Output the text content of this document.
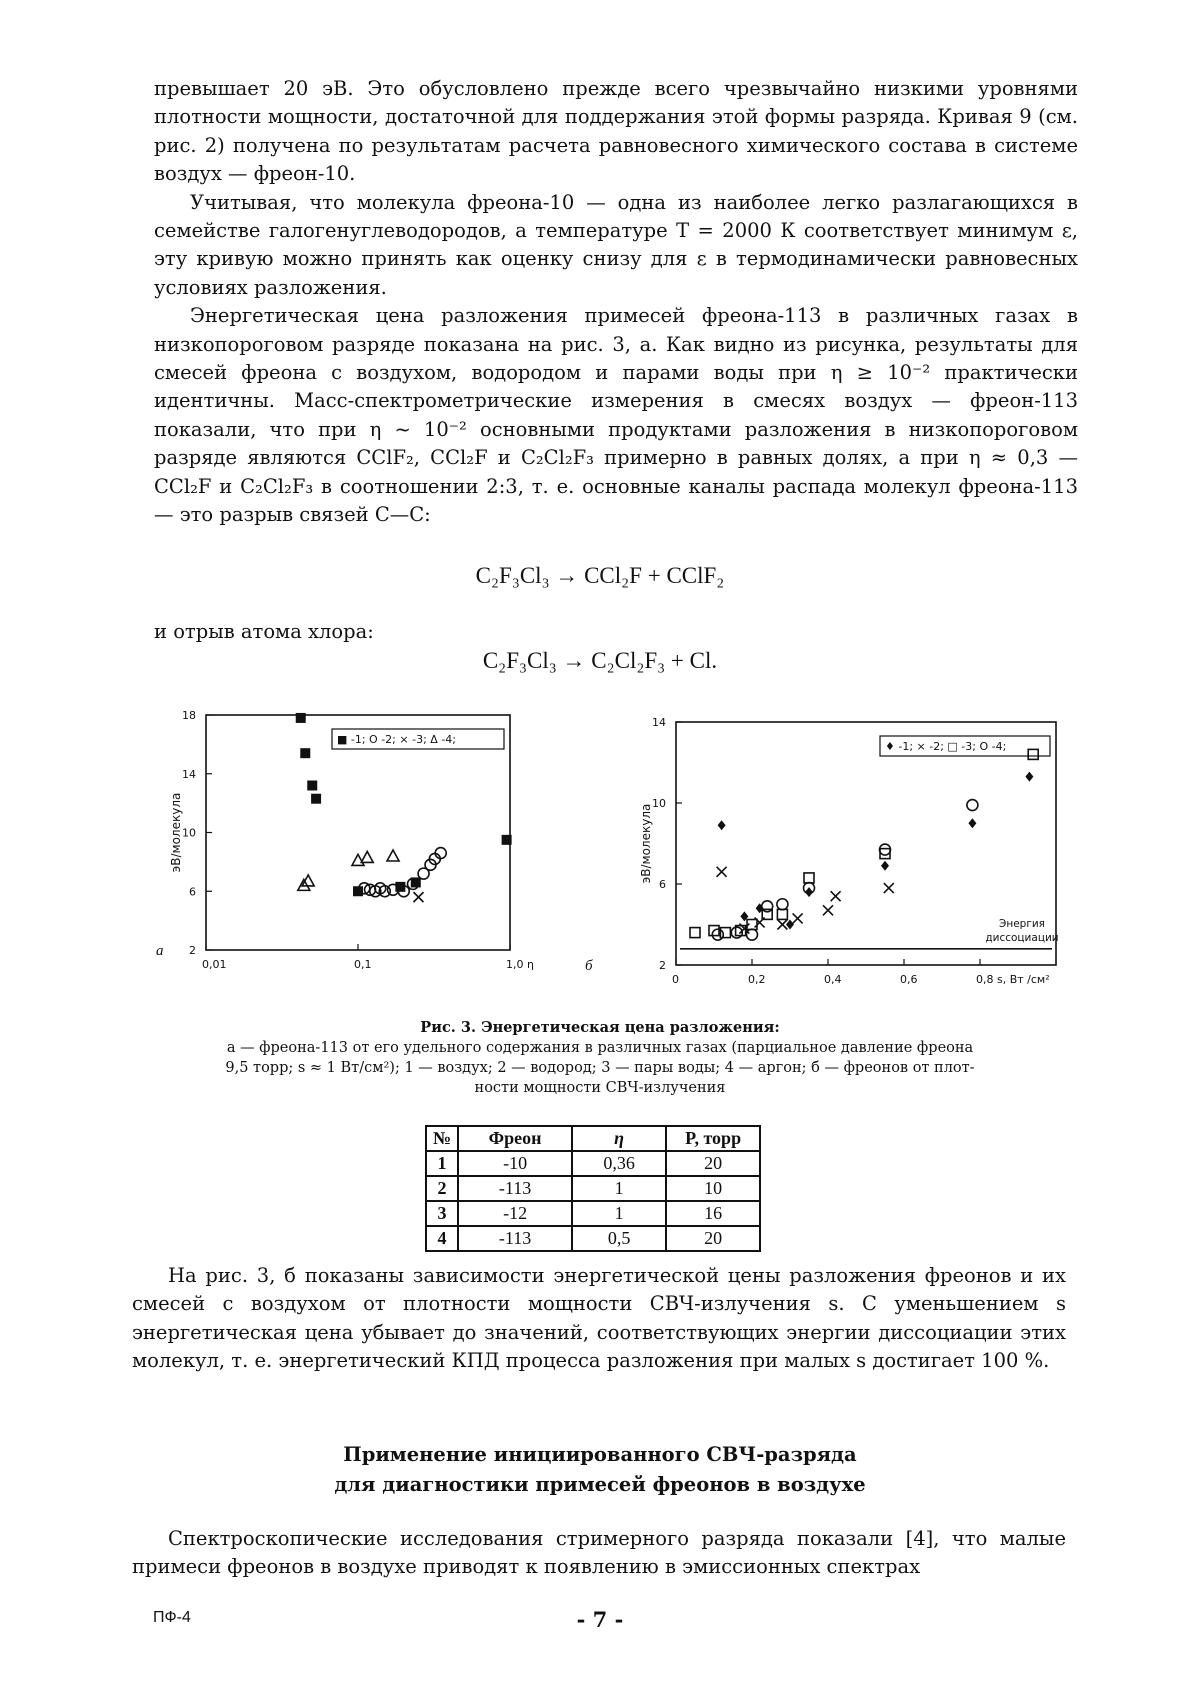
превышает 20 эВ. Это обусловлено прежде всего чрезвычайно низкими уровнями плотности мощности, достаточной для поддержания этой формы разряда. Кривая 9 (см. рис. 2) получена по результатам расчета равновесного химического состава в системе воздух — фреон-10.

Учитывая, что молекула фреона-10 — одна из наиболее легко разлагающихся в семействе галогенуглеводородов, а температуре T = 2000 К соответствует минимум ε, эту кривую можно принять как оценку снизу для ε в термодинамически равновесных условиях разложения.

Энергетическая цена разложения примесей фреона-113 в различных газах в низкопороговом разряде показана на рис. 3, а. Как видно из рисунка, результаты для смесей фреона с воздухом, водородом и парами воды при η ≥ 10⁻² практически идентичны. Масс-спектрометрические измерения в смесях воздух — фреон-113 показали, что при η ~ 10⁻² основными продуктами разложения в низкопороговом разряде являются CClF₂, CCl₂F и C₂Cl₂F₃ примерно в равных долях, а при η ≈ 0,3 — CCl₂F и C₂Cl₂F₃ в соотношении 2:3, т. е. основные каналы распада молекул фреона-113 — это разрыв связей С—С:

C₂F₃Cl₃ → CCl₂F + CClF₂
и отрыв атома хлора:
C₂F₃Cl₃ → C₂Cl₂F₃ + Cl.
а
б
2
6
10
14
18
0,01	0,1	1,0 η
эВ/молекула
■ -1; O -2; × -3; Δ -4;
2
6
10
14
0	0,2	0,4	0,6	0,8 s, Вт /см²
эВ/молекула
Энергия
диссоциации
♦ -1; × -2; □ -3; O -4;
Рис. 3. Энергетическая цена разложения:
а — фреона-113 от его удельного содержания в различных газах (парциальное давление фреона
9,5 торр; s ≈ 1 Вт/см²); 1 — воздух; 2 — водород; 3 — пары воды; 4 — аргон; б — фреонов от плот-
ности мощности СВЧ-излучения
№	Фреон	η	P, торр
1	-10	0,36	20
2	-113	1	10
3	-12	1	16
4	-113	0,5	20

На рис. 3, б показаны зависимости энергетической цены разложения фреонов и их смесей с воздухом от плотности мощности СВЧ-излучения s. С уменьшением s энергетическая цена убывает до значений, соответствующих энергии диссоциации этих молекул, т. е. энергетический КПД процесса разложения при малых s достигает 100 %.

Применение инициированного СВЧ-разряда
для диагностики примесей фреонов в воздухе

Спектроскопические исследования стримерного разряда показали [4], что малые примеси фреонов в воздухе приводят к появлению в эмиссионных спектрах

ПФ-4	- 7 -
